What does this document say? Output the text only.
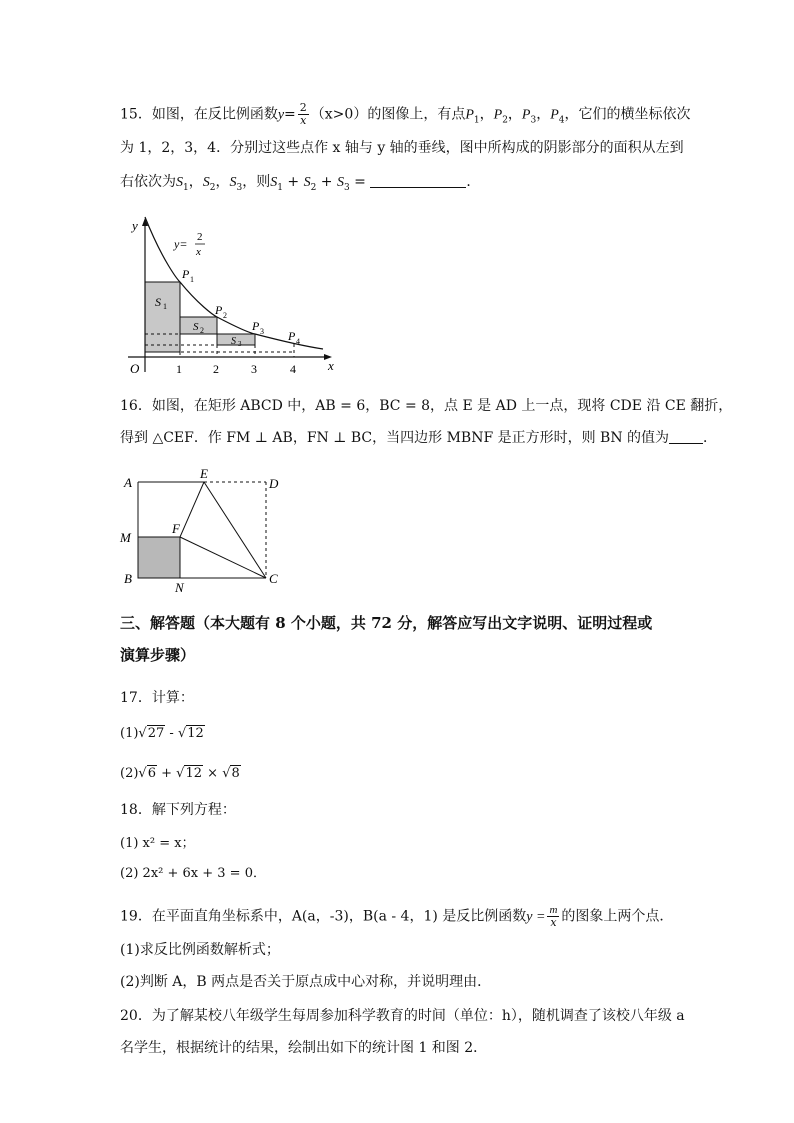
15．如图，在反比例函数$y= \frac{2}{x} (x>0)$的图像上，有点$P_1$，$P_2$，$P_3$，$P_4$，它们的横坐标依次
为 1，2，3，4．分别过这些点作 x 轴与 y 轴的垂线，图中所构成的阴影部分的面积从左到
右依次为$S_1$，$S_2$，$S_3$，则$S_1 + S_2 + S_3$ =	．
x
y
O	1	2	3	4
y= 2
x
S 1
S 2
S 3
P 1
P 2
P 3 P 4
16．如图，在矩形 ABCD 中，AB = 6，BC = 8，点 E 是 AD 上一点，现将 CDE 沿 CE 翻折，
得到 △CEF．作 FM ⊥ AB，FN ⊥ BC，当四边形 MBNF 是正方形时，则 BN 的值为 ．
A
E
D
M
F
B
N
C
三、解答题（本大题有 8 个小题，共 72 分，解答应写出文字说明、证明过程或
演算步骤）
17．计算：
(1)√27 - √12
(2)√6 + √12 × √8
18．解下列方程：
(1) x² = x；
(2) 2x² + 6x + 3 = 0．
19．在平面直角坐标系中，A(a，-3)，B(a - 4，1) 是反比例函数$y = \frac{m}{x}$ 的图象上两个点．
(1)求反比例函数解析式；
(2)判断 A，B 两点是否关于原点成中心对称，并说明理由．
20．为了解某校八年级学生每周参加科学教育的时间（单位：h），随机调查了该校八年级 a
名学生，根据统计的结果，绘制出如下的统计图 1 和图 2．
